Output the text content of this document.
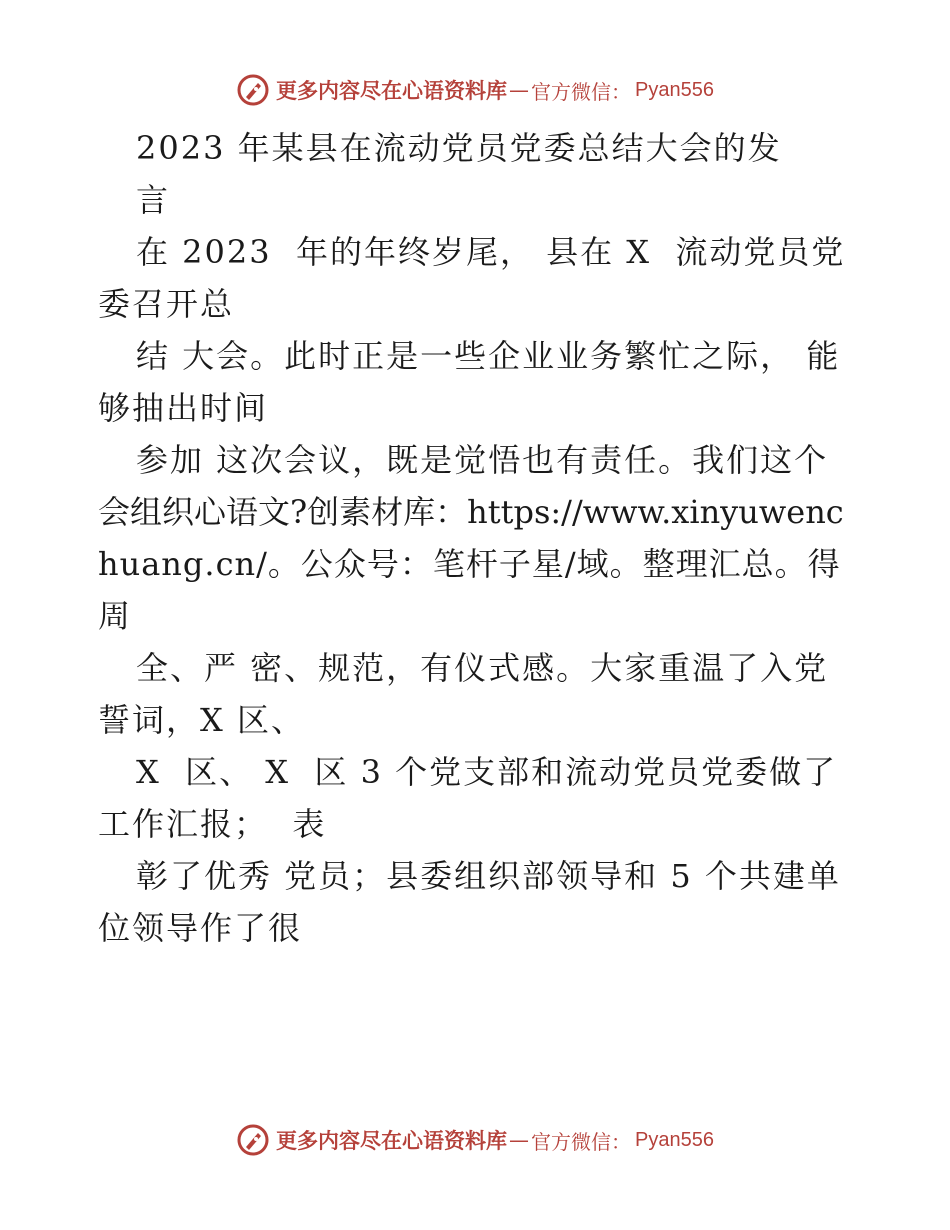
更多内容尽在心语资料库 — 官方微信： Pyan556
2023 年某县在流动党员党委总结大会的发
言
在 2023  年的年终岁尾， 县在 X  流动党员党
委召开总
结 大会。此时正是一些企业业务繁忙之际， 能
够抽出时间
参加 这次会议，既是觉悟也有责任。我们这个
会组织心语文?创素材库：https://www.xinyuwenc
huang.cn/。公众号：笔杆子星/域。整理汇总。得
周
全、严 密、规范，有仪式感。大家重温了入党
誓词，X 区、
X  区、 X  区 3 个党支部和流动党员党委做了
工作汇报；  表
彰了优秀 党员；县委组织部领导和 5 个共建单
位领导作了很
更多内容尽在心语资料库 — 官方微信： Pyan556
